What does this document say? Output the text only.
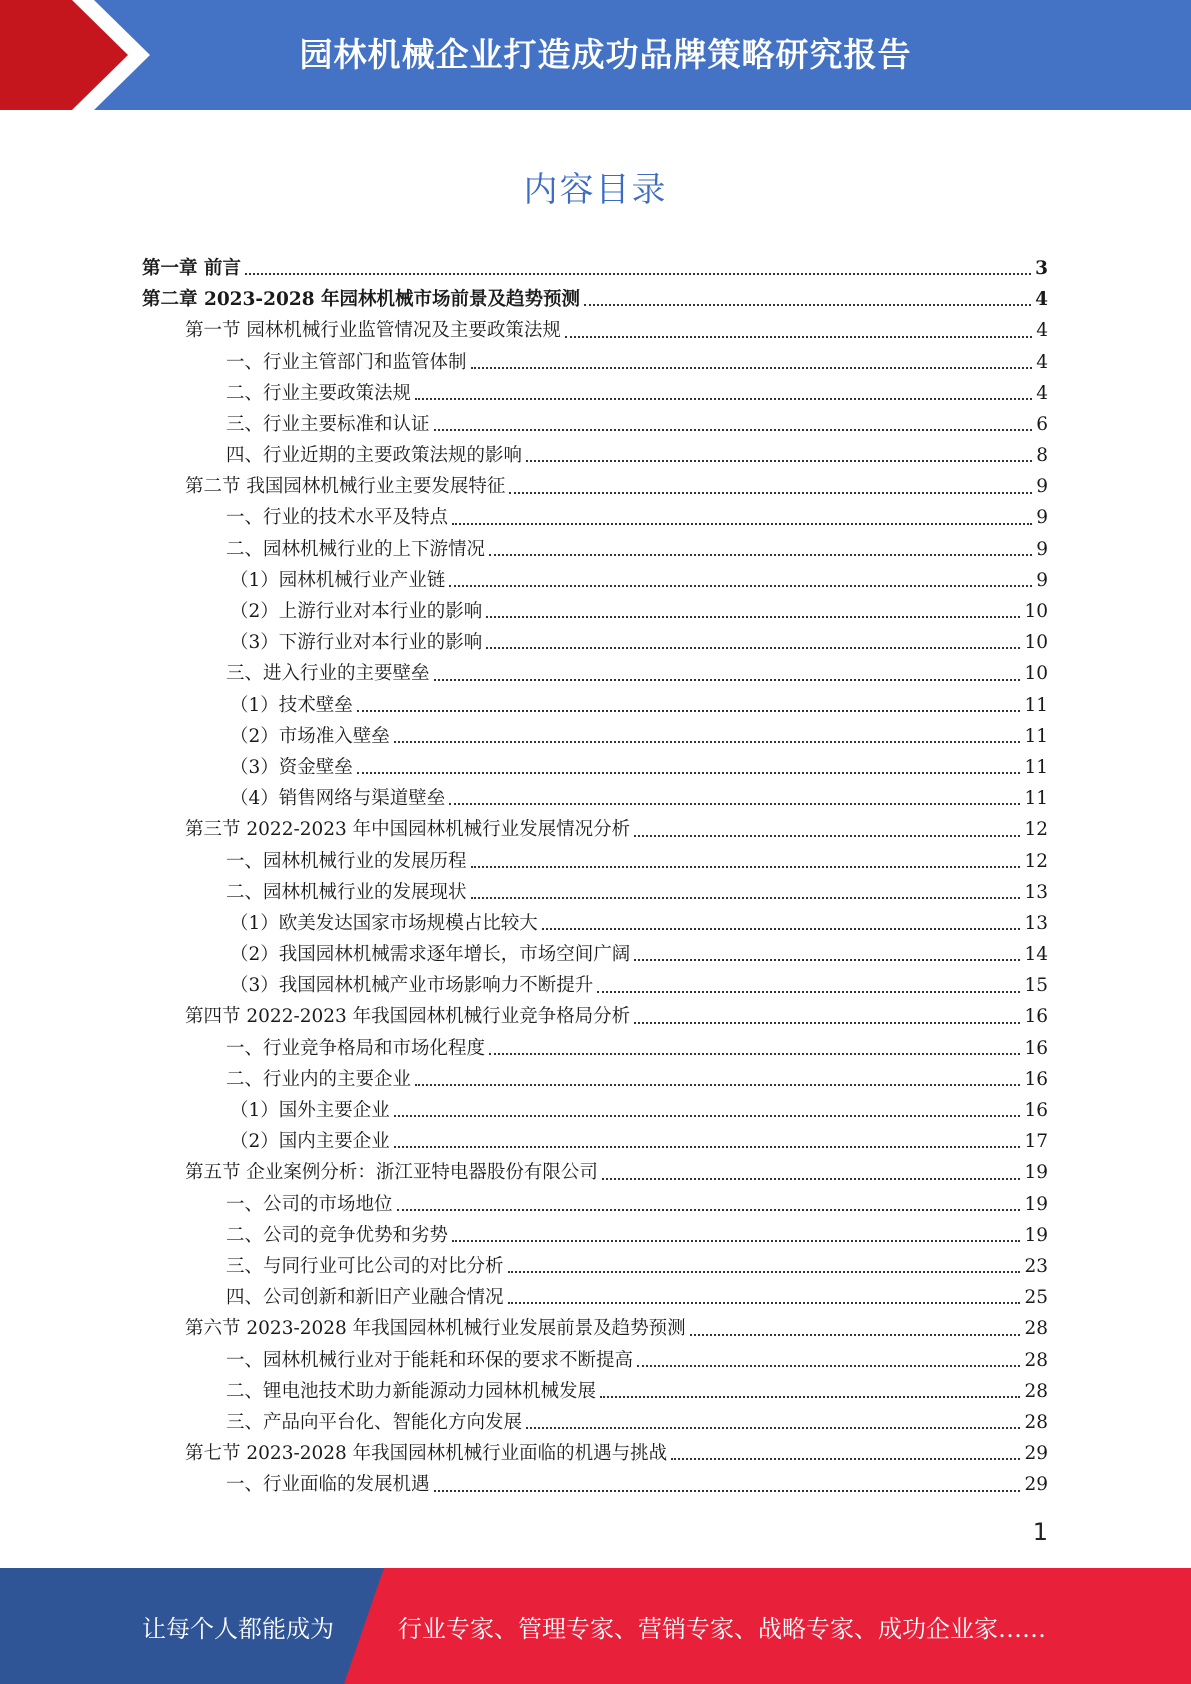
园林机械企业打造成功品牌策略研究报告
内容目录
第一章 前言	3
第二章 2023-2028 年园林机械市场前景及趋势预测	4
第一节 园林机械行业监管情况及主要政策法规	4
一、行业主管部门和监管体制	4
二、行业主要政策法规	4
三、行业主要标准和认证	6
四、行业近期的主要政策法规的影响	8
第二节 我国园林机械行业主要发展特征	9
一、行业的技术水平及特点	9
二、园林机械行业的上下游情况	9
（1）园林机械行业产业链	9
（2）上游行业对本行业的影响	10
（3）下游行业对本行业的影响	10
三、进入行业的主要壁垒	10
（1）技术壁垒	11
（2）市场准入壁垒	11
（3）资金壁垒	11
（4）销售网络与渠道壁垒	11
第三节 2022-2023 年中国园林机械行业发展情况分析	12
一、园林机械行业的发展历程	12
二、园林机械行业的发展现状	13
（1）欧美发达国家市场规模占比较大	13
（2）我国园林机械需求逐年增长，市场空间广阔	14
（3）我国园林机械产业市场影响力不断提升	15
第四节 2022-2023 年我国园林机械行业竞争格局分析	16
一、行业竞争格局和市场化程度	16
二、行业内的主要企业	16
（1）国外主要企业	16
（2）国内主要企业	17
第五节 企业案例分析：浙江亚特电器股份有限公司	19
一、公司的市场地位	19
二、公司的竞争优势和劣势	19
三、与同行业可比公司的对比分析	23
四、公司创新和新旧产业融合情况	25
第六节 2023-2028 年我国园林机械行业发展前景及趋势预测	28
一、园林机械行业对于能耗和环保的要求不断提高	28
二、锂电池技术助力新能源动力园林机械发展	28
三、产品向平台化、智能化方向发展	28
第七节 2023-2028 年我国园林机械行业面临的机遇与挑战	29
一、行业面临的发展机遇	29
1
让每个人都能成为	行业专家、管理专家、营销专家、战略专家、成功企业家……
